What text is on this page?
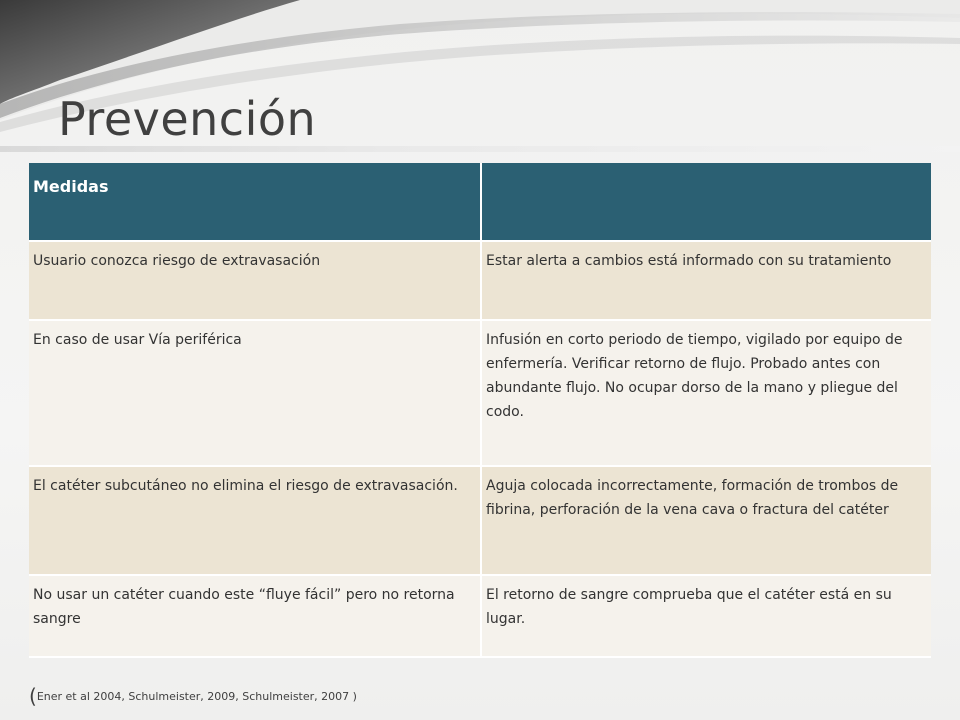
Prevención
Medidas	
Usuario conozca riesgo de extravasación	Estar alerta a cambios está informado con su tratamiento
En caso de usar Vía periférica	Infusión en corto periodo de tiempo, vigilado por equipo de enfermería. Verificar retorno de flujo. Probado antes con abundante flujo. No ocupar dorso de la mano y pliegue del codo.
El catéter subcutáneo no elimina el riesgo de extravasación.	Aguja colocada incorrectamente, formación de trombos de fibrina, perforación de la vena cava o fractura del catéter
No usar un catéter cuando este “fluye fácil” pero no retorna sangre	El retorno de sangre comprueba que el catéter está en su lugar.
(Ener et al 2004, Schulmeister, 2009, Schulmeister, 2007 )
